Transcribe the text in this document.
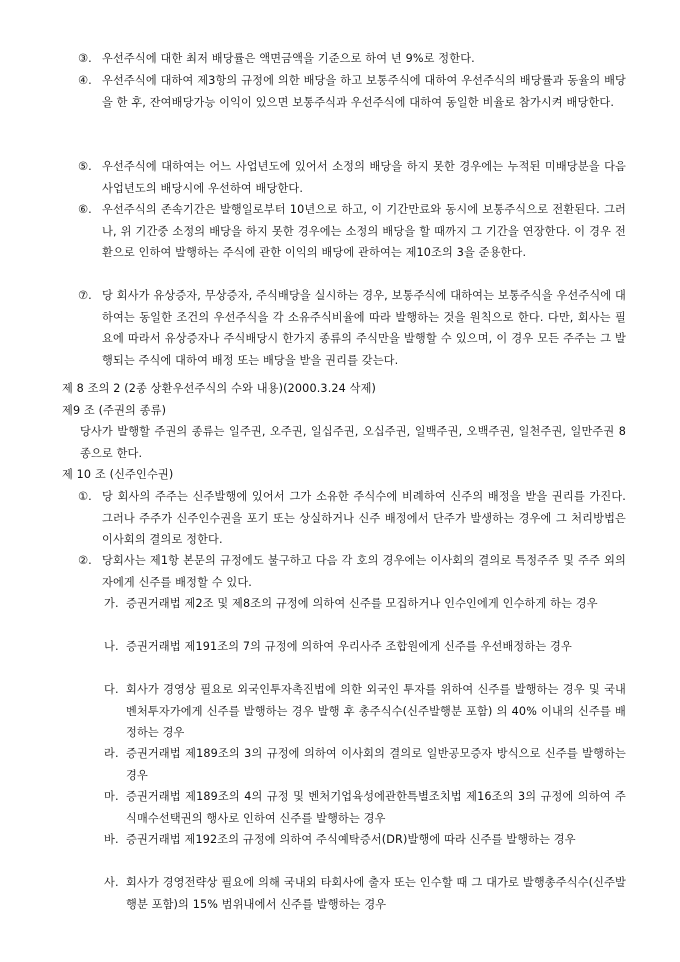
③. 우선주식에 대한 최저 배당률은 액면금액을 기준으로 하여 년 9%로 정한다.
④. 우선주식에 대하여 제3항의 규정에 의한 배당을 하고 보통주식에 대하여 우선주식의 배당률과 동율의 배당을 한 후, 잔여배당가능 이익이 있으면 보통주식과 우선주식에 대하여 동일한 비율로 참가시켜 배당한다.
⑤. 우선주식에 대하여는 어느 사업년도에 있어서 소정의 배당을 하지 못한 경우에는 누적된 미배당분을 다음 사업년도의 배당시에 우선하여 배당한다.
⑥. 우선주식의 존속기간은 발행일로부터 10년으로 하고, 이 기간만료와 동시에 보통주식으로 전환된다. 그러나, 위 기간중 소정의 배당을 하지 못한 경우에는 소정의 배당을 할 때까지 그 기간을 연장한다. 이 경우 전환으로 인하여 발행하는 주식에 관한 이익의 배당에 관하여는 제10조의 3을 준용한다.
⑦. 당 회사가 유상증자, 무상증자, 주식배당을 실시하는 경우, 보통주식에 대하여는 보통주식을 우선주식에 대하여는 동일한 조건의 우선주식을 각 소유주식비율에 따라 발행하는 것을 원칙으로 한다. 다만, 회사는 필요에 따라서 유상증자나 주식배당시 한가지 종류의 주식만을 발행할 수 있으며, 이 경우 모든 주주는 그 발행되는 주식에 대하여 배정 또는 배당을 받을 권리를 갖는다.
제 8 조의 2 (2종 상환우선주식의 수와 내용)(2000.3.24 삭제)
제9 조 (주권의 종류)
당사가 발행할 주권의 종류는 일주권, 오주권, 일십주권, 오십주권, 일백주권, 오백주권, 일천주권, 일만주권 8종으로 한다.
제 10 조 (신주인수권)
①. 당 회사의 주주는 신주발행에 있어서 그가 소유한 주식수에 비례하여 신주의 배정을 받을 권리를 가진다. 그러나 주주가 신주인수권을 포기 또는 상실하거나 신주 배정에서 단주가 발생하는 경우에 그 처리방법은 이사회의 결의로 정한다.
②. 당회사는 제1항 본문의 규정에도 불구하고 다음 각 호의 경우에는 이사회의 결의로 특정주주 및 주주 외의 자에게 신주를 배정할 수 있다.
가. 증권거래법 제2조 및 제8조의 규정에 의하여 신주를 모집하거나 인수인에게 인수하게 하는 경우
나. 증권거래법 제191조의 7의 규정에 의하여 우리사주 조합원에게 신주를 우선배정하는 경우
다. 회사가 경영상 필요로 외국인투자촉진법에 의한 외국인 투자를 위하여 신주를 발행하는 경우 및 국내 벤처투자가에게 신주를 발행하는 경우 발행 후 총주식수(신주발행분 포함) 의 40% 이내의 신주를 배정하는 경우
라. 증권거래법 제189조의 3의 규정에 의하여 이사회의 결의로 일반공모증자 방식으로 신주를 발행하는 경우
마. 증권거래법 제189조의 4의 규정 및 벤처기업육성에관한특별조치법 제16조의 3의 규정에 의하여 주식매수선택권의 행사로 인하여 신주를 발행하는 경우
바. 증권거래법 제192조의 규정에 의하여 주식예탁증서(DR)발행에 따라 신주를 발행하는 경우
사. 회사가 경영전략상 필요에 의해 국내외 타회사에 출자 또는 인수할 때 그 대가로 발행총주식수(신주발행분 포함)의 15% 범위내에서 신주를 발행하는 경우
